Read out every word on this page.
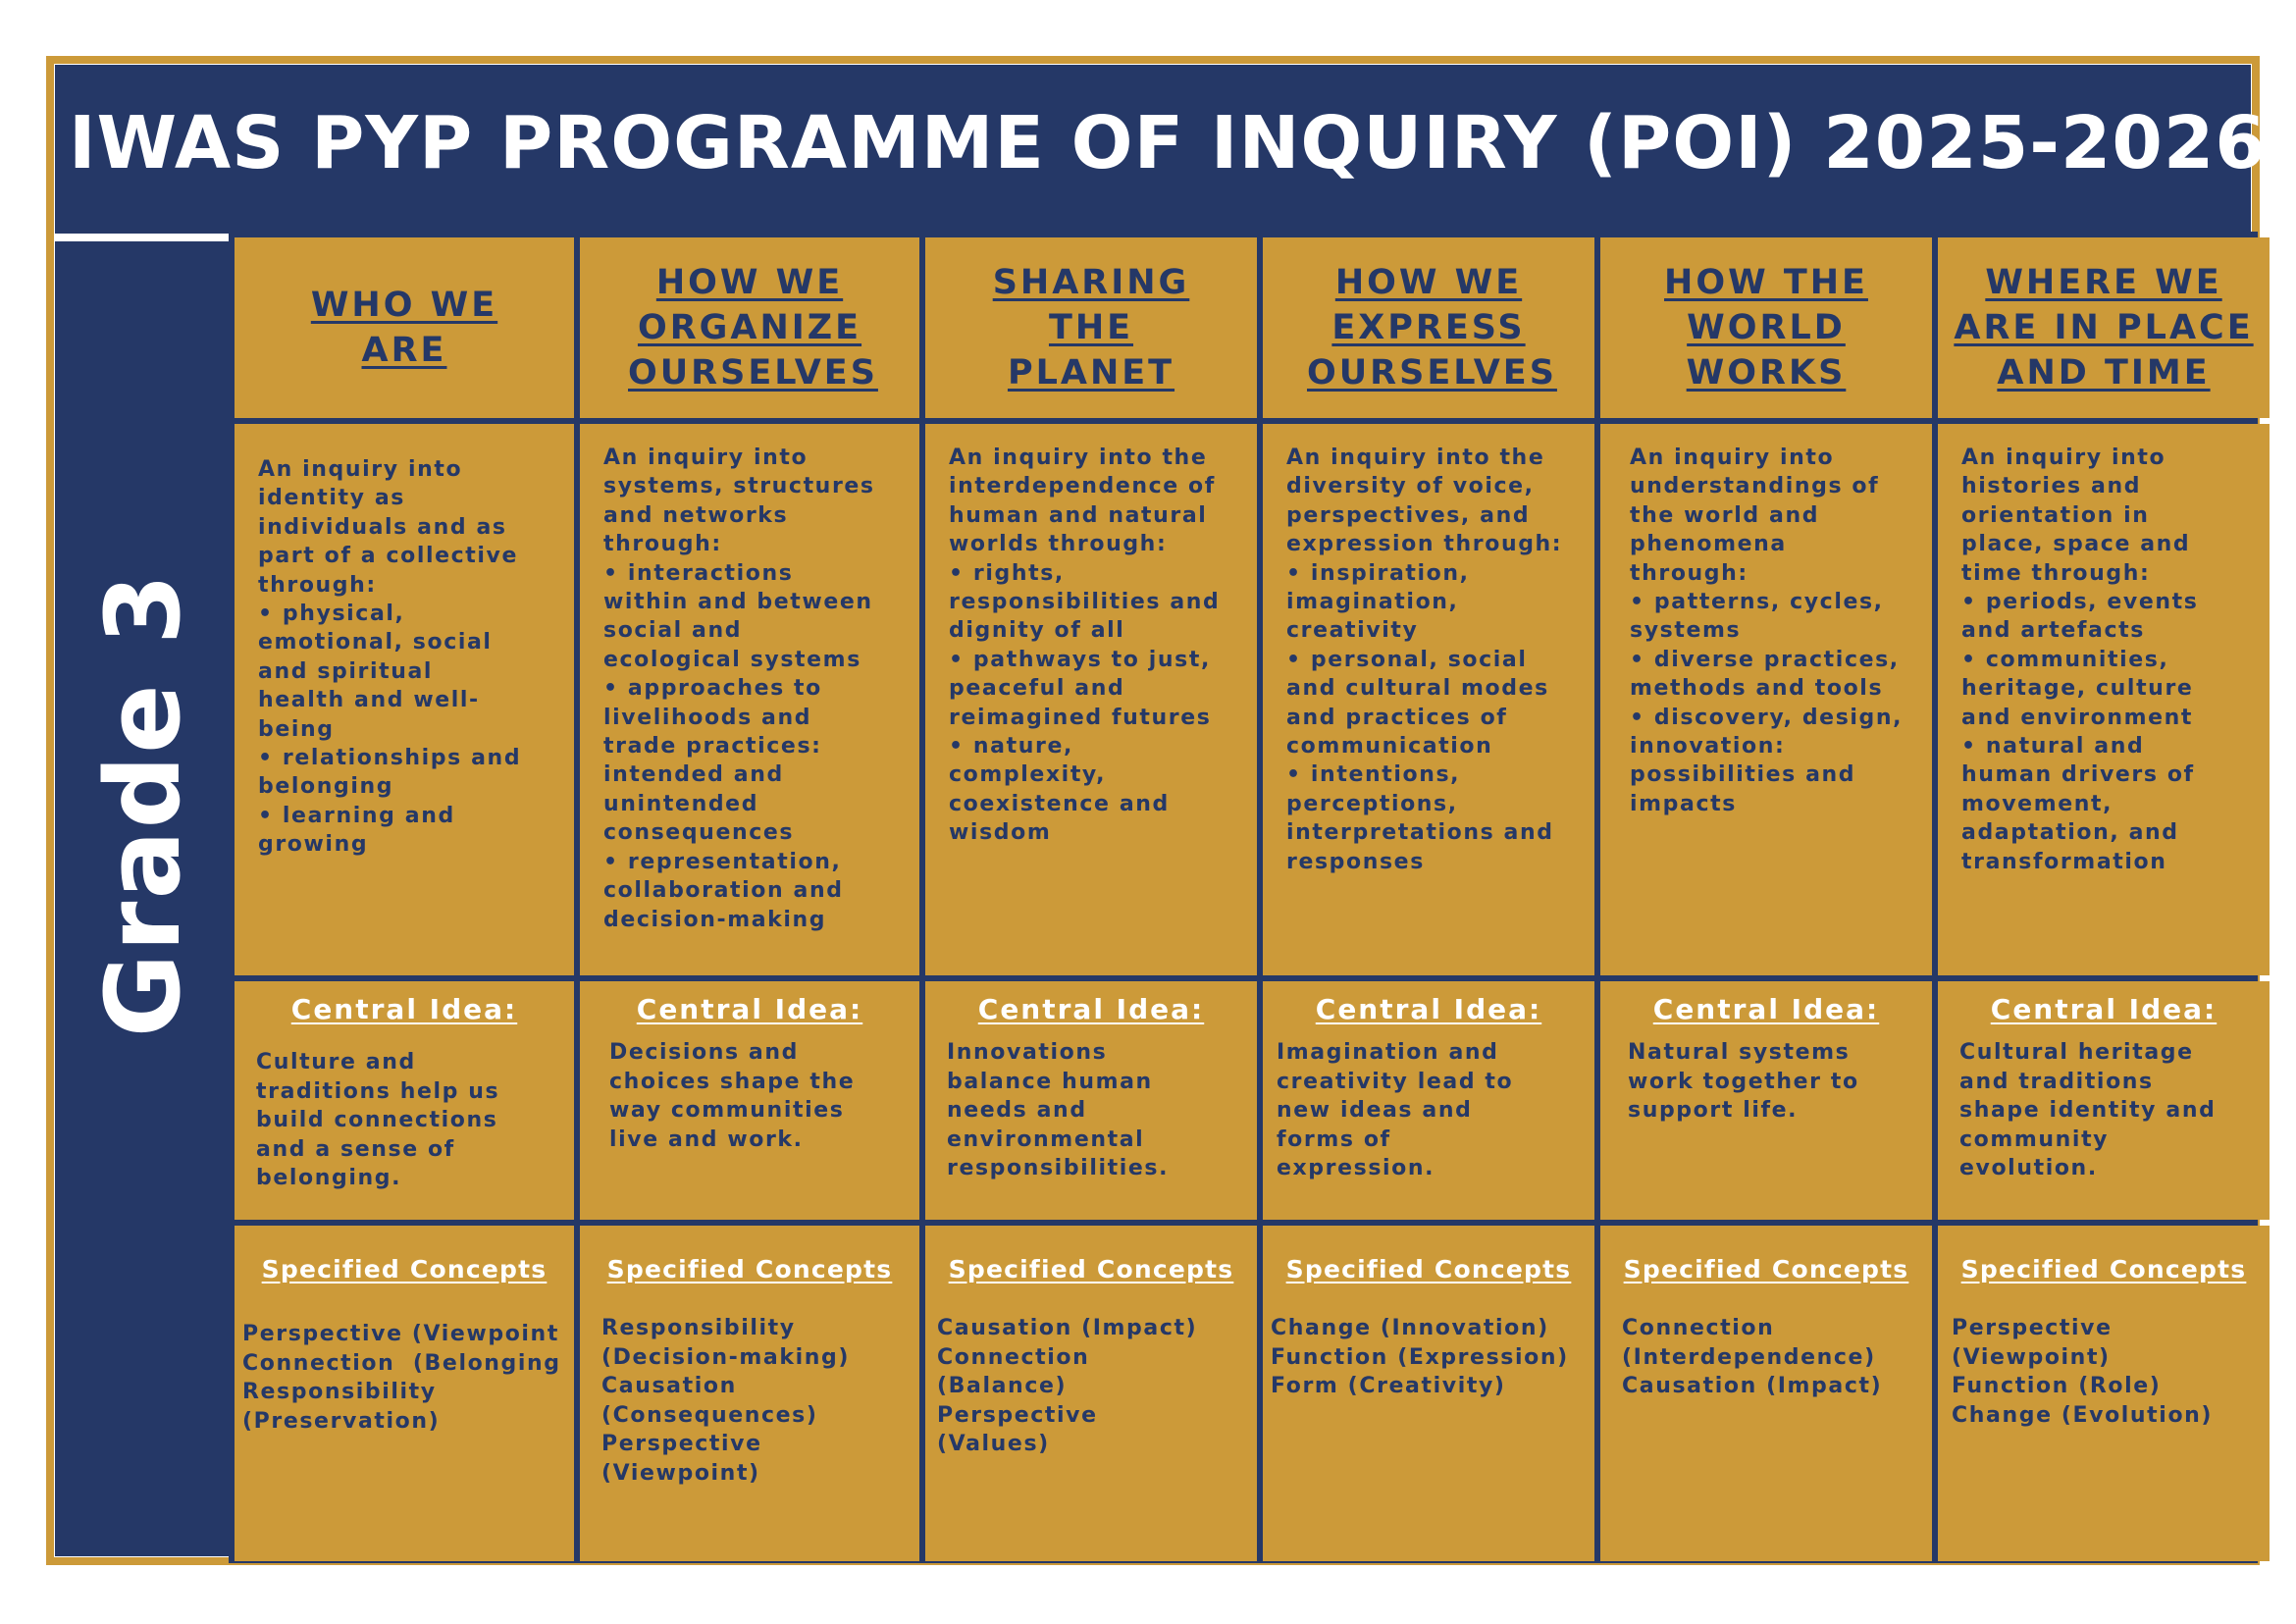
IWAS PYP PROGRAMME OF INQUIRY (POI) 2025-2026
Grade 3
WHO WE ARE
HOW WE ORGANIZE OURSELVES
SHARING THE PLANET
HOW WE EXPRESS OURSELVES
HOW THE WORLD WORKS
WHERE WE ARE IN PLACE AND TIME
An inquiry into
identity as
individuals and as
part of a collective
through:
• physical,
emotional, social
and spiritual
health and well-
being
• relationships and
belonging
• learning and
growing
An inquiry into
systems, structures
and networks
through:
• interactions
within and between
social and
ecological systems
• approaches to
livelihoods and
trade practices:
intended and
unintended
consequences
• representation,
collaboration and
decision-making
An inquiry into the
interdependence of
human and natural
worlds through:
• rights,
responsibilities and
dignity of all
• pathways to just,
peaceful and
reimagined futures
• nature,
complexity,
coexistence and
wisdom
An inquiry into the
diversity of voice,
perspectives, and
expression through:
• inspiration,
imagination,
creativity
• personal, social
and cultural modes
and practices of
communication
• intentions,
perceptions,
interpretations and
responses
An inquiry into
understandings of
the world and
phenomena
through:
• patterns, cycles,
systems
• diverse practices,
methods and tools
• discovery, design,
innovation:
possibilities and
impacts
An inquiry into
histories and
orientation in
place, space and
time through:
• periods, events
and artefacts
• communities,
heritage, culture
and environment
• natural and
human drivers of
movement,
adaptation, and
transformation
Central Idea:
Culture and
traditions help us
build connections
and a sense of
belonging.
Central Idea:
Decisions and
choices shape the
way communities
live and work.
Central Idea:
Innovations
balance human
needs and
environmental
responsibilities.
Central Idea:
Imagination and
creativity lead to
new ideas and
forms of
expression.
Central Idea:
Natural systems
work together to
support life.
Central Idea:
Cultural heritage
and traditions
shape identity and
community
evolution.
Specified Concepts
Perspective (Viewpoint
Connection  (Belonging
Responsibility
(Preservation)
Specified Concepts
Responsibility
(Decision-making)
Causation
(Consequences)
Perspective
(Viewpoint)
Specified Concepts
Causation (Impact)
Connection
(Balance)
Perspective
(Values)
Specified Concepts
Change (Innovation)
Function (Expression)
Form (Creativity)
Specified Concepts
Connection
(Interdependence)
Causation (Impact)
Specified Concepts
Perspective
(Viewpoint)
Function (Role)
Change (Evolution)
